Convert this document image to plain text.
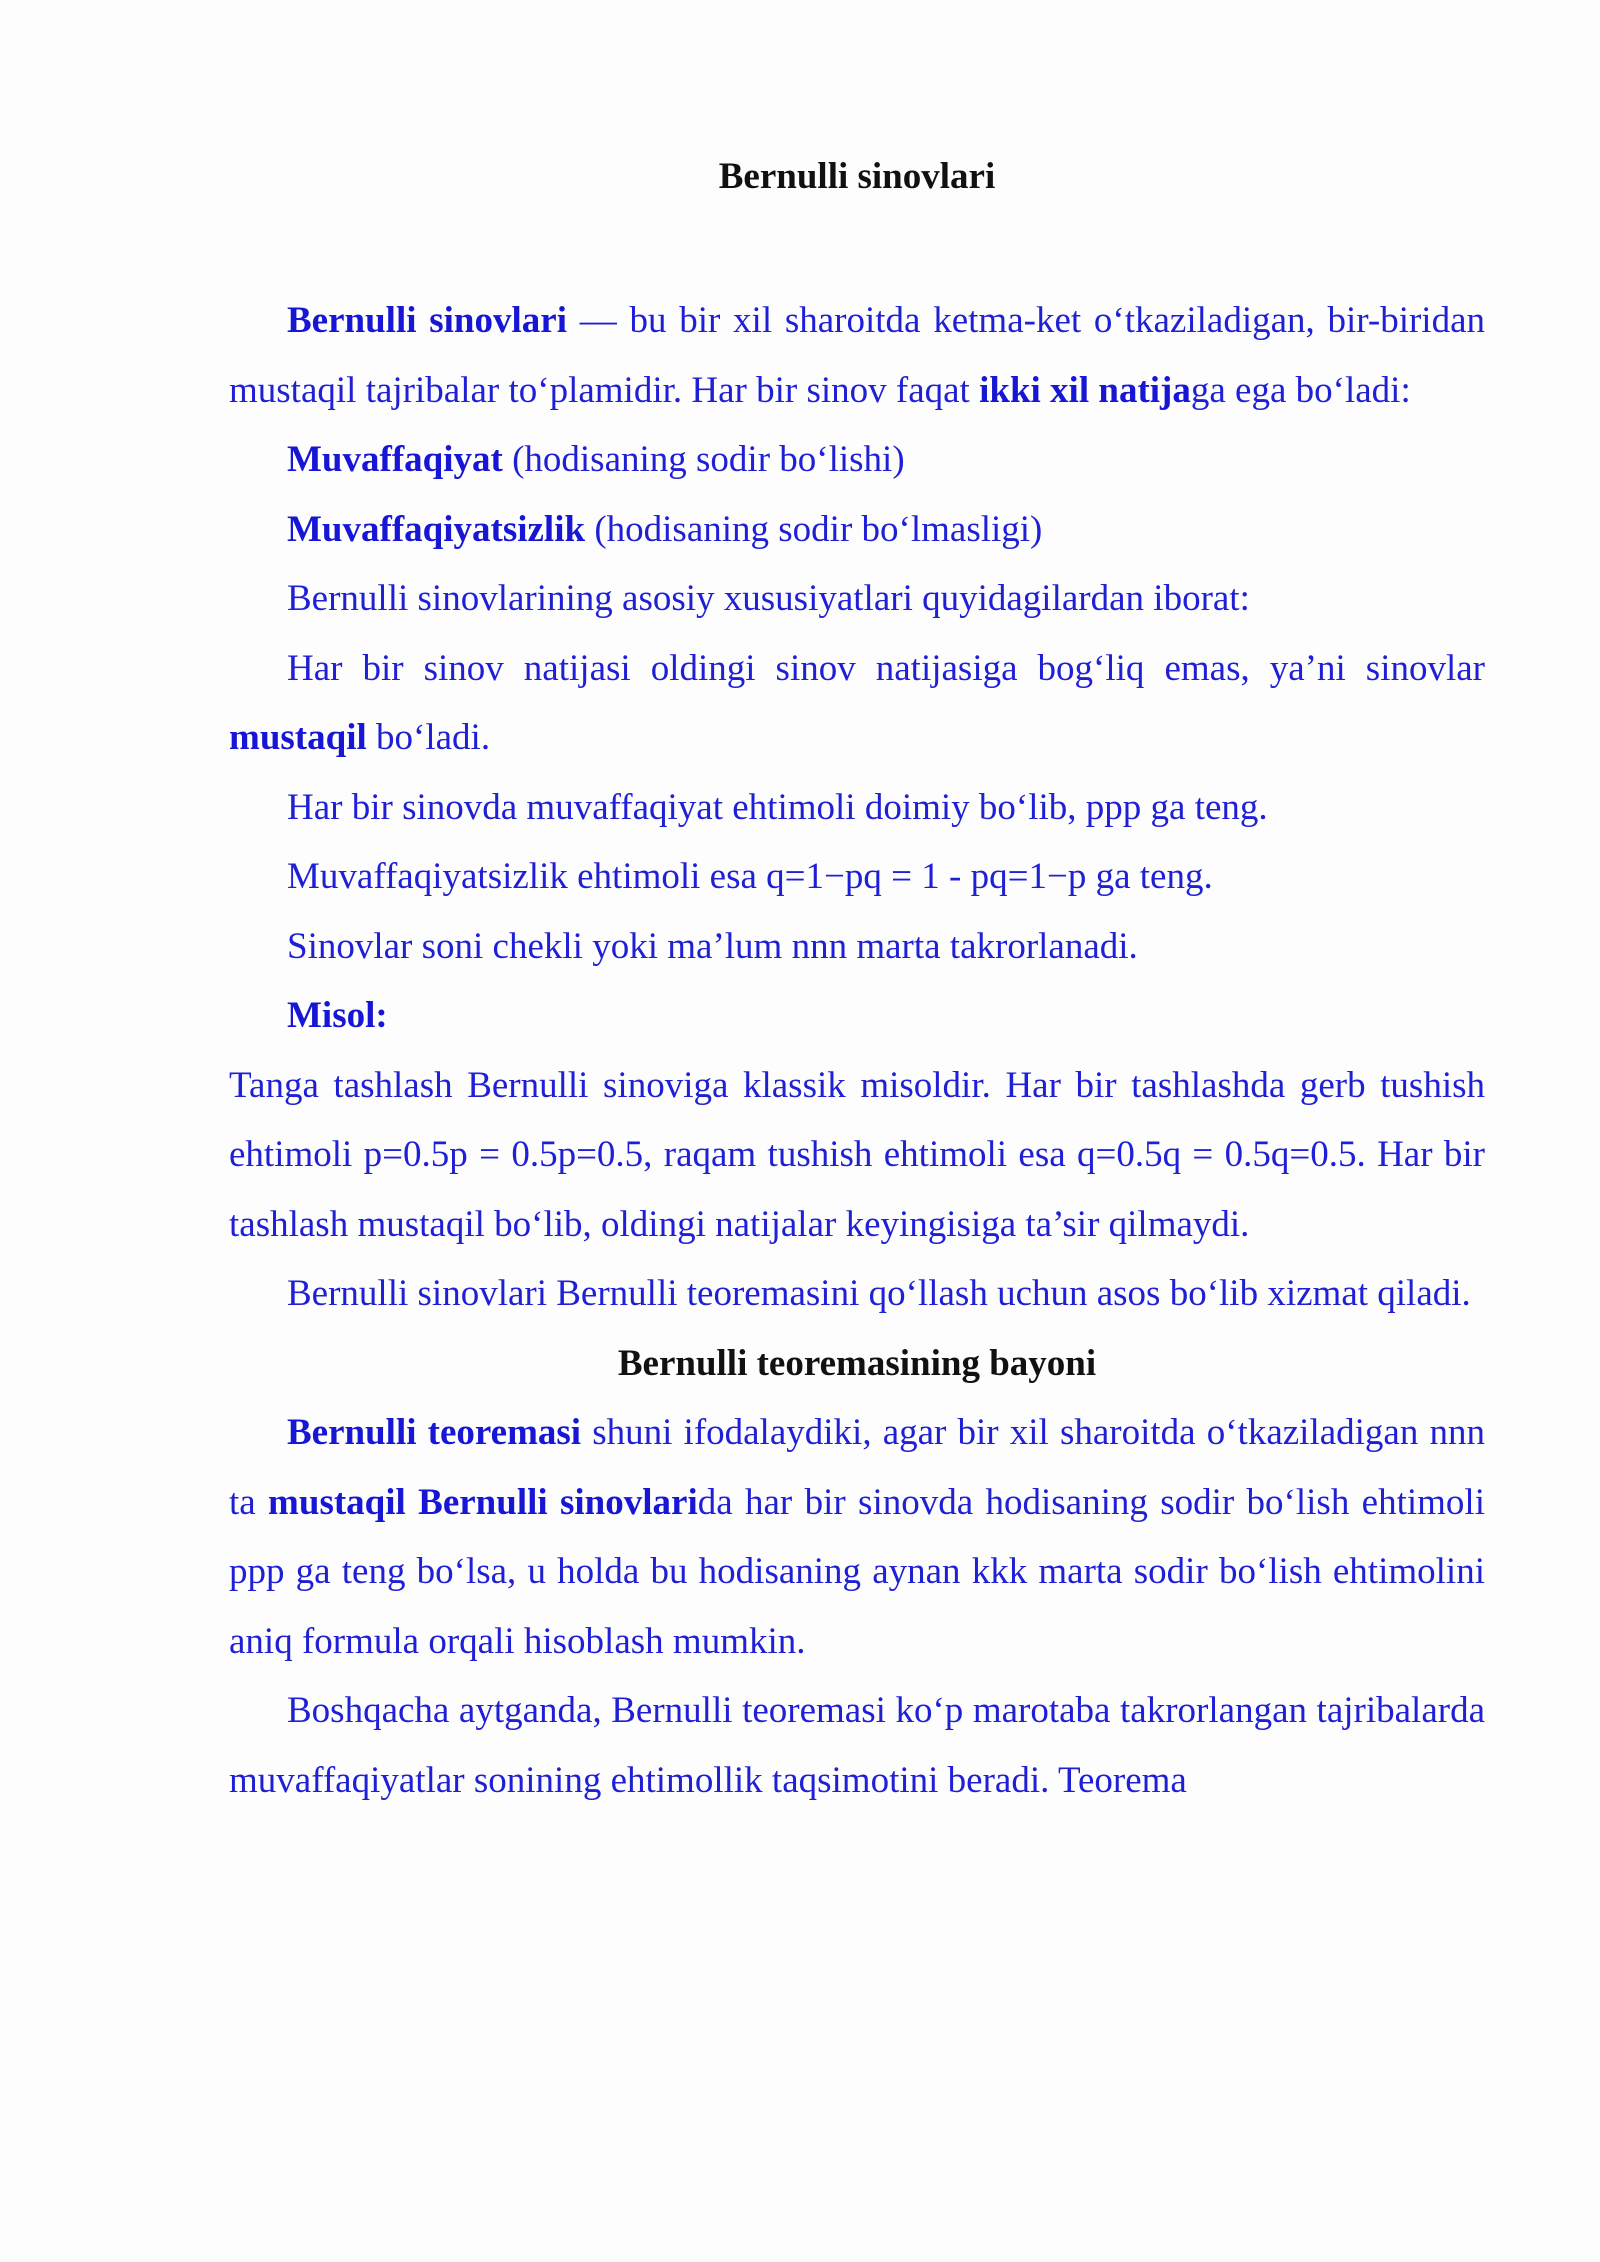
Bernulli sinovlari

Bernulli sinovlari — bu bir xil sharoitda ketma-ket o‘tkaziladigan, bir-biridan mustaqil tajribalar to‘plamidir. Har bir sinov faqat ikki xil natijaga ega bo‘ladi:

Muvaffaqiyat (hodisaning sodir bo‘lishi)

Muvaffaqiyatsizlik (hodisaning sodir bo‘lmasligi)

Bernulli sinovlarining asosiy xususiyatlari quyidagilardan iborat:

Har bir sinov natijasi oldingi sinov natijasiga bog‘liq emas, ya’ni sinovlar mustaqil bo‘ladi.

Har bir sinovda muvaffaqiyat ehtimoli doimiy bo‘lib, ppp ga teng.

Muvaffaqiyatsizlik ehtimoli esa q=1−pq = 1 - pq=1−p ga teng.

Sinovlar soni chekli yoki ma’lum nnn marta takrorlanadi.

Misol:

Tanga tashlash Bernulli sinoviga klassik misoldir. Har bir tashlashda gerb tushish ehtimoli p=0.5p = 0.5p=0.5, raqam tushish ehtimoli esa q=0.5q = 0.5q=0.5. Har bir tashlash mustaqil bo‘lib, oldingi natijalar keyingisiga ta’sir qilmaydi.

Bernulli sinovlari Bernulli teoremasini qo‘llash uchun asos bo‘lib xizmat qiladi.

Bernulli teoremasining bayoni

Bernulli teoremasi shuni ifodalaydiki, agar bir xil sharoitda o‘tkaziladigan nnn ta mustaqil Bernulli sinovlarida har bir sinovda hodisaning sodir bo‘lish ehtimoli ppp ga teng bo‘lsa, u holda bu hodisaning aynan kkk marta sodir bo‘lish ehtimolini aniq formula orqali hisoblash mumkin.

Boshqacha aytganda, Bernulli teoremasi ko‘p marotaba takrorlangan tajribalarda muvaffaqiyatlar sonining ehtimollik taqsimotini beradi. Teorema
